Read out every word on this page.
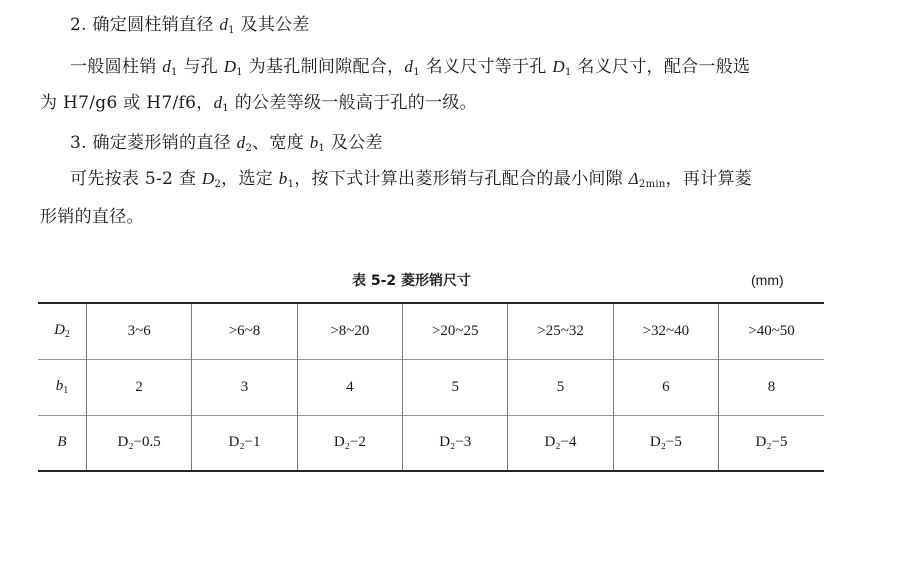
2. 确定圆柱销直径 $d_1$ 及其公差
一般圆柱销 $d_1$ 与孔 $D_1$ 为基孔制间隙配合，$d_1$ 名义尺寸等于孔 $D_1$ 名义尺寸，配合一般选
为 H7/g6 或 H7/f6，$d_1$ 的公差等级一般高于孔的一级。
3. 确定菱形销的直径 $d_2$、宽度 $b_1$ 及公差
可先按表 5-2 查 $D_2$，选定 $b_1$，按下式计算出菱形销与孔配合的最小间隙 $\Delta_{2min}$，再计算菱
形销的直径。
表 5-2 菱形销尺寸	(mm)
$D_2$	3~6	>6~8	>8~20	>20~25	>25~32	>32~40	>40~50
$b_1$	2	3	4	5	5	6	8
B	D₂−0.5	D₂−1	D₂−2	D₂−3	D₂−4	D₂−5	D₂−5
